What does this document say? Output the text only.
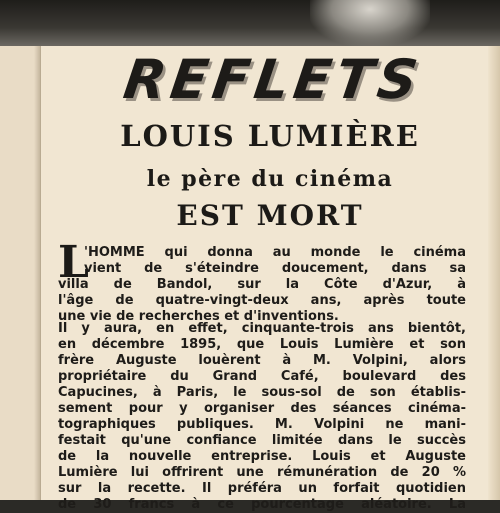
REFLETS
LOUIS LUMIÈRE
le père du cinéma
EST MORT
L
'HOMME qui donna au monde le cinéma
vient de s'éteindre doucement, dans sa
villa de Bandol, sur la Côte d'Azur, à
l'âge de quatre-vingt-deux ans, après toute
une vie de recherches et d'inventions.
Il y aura, en effet, cinquante-trois ans bientôt,
en décembre 1895, que Louis Lumière et son
frère Auguste louèrent à M. Volpini, alors
propriétaire du Grand Café, boulevard des
Capucines, à Paris, le sous-sol de son établis-
sement pour y organiser des séances cinéma-
tographiques publiques. M. Volpini ne mani-
festait qu'une confiance limitée dans le succès
de la nouvelle entreprise. Louis et Auguste
Lumière lui offrirent une rémunération de 20 %
sur la recette. Il préféra un forfait quotidien
de 30 francs à ce pourcentage aléatoire. La
